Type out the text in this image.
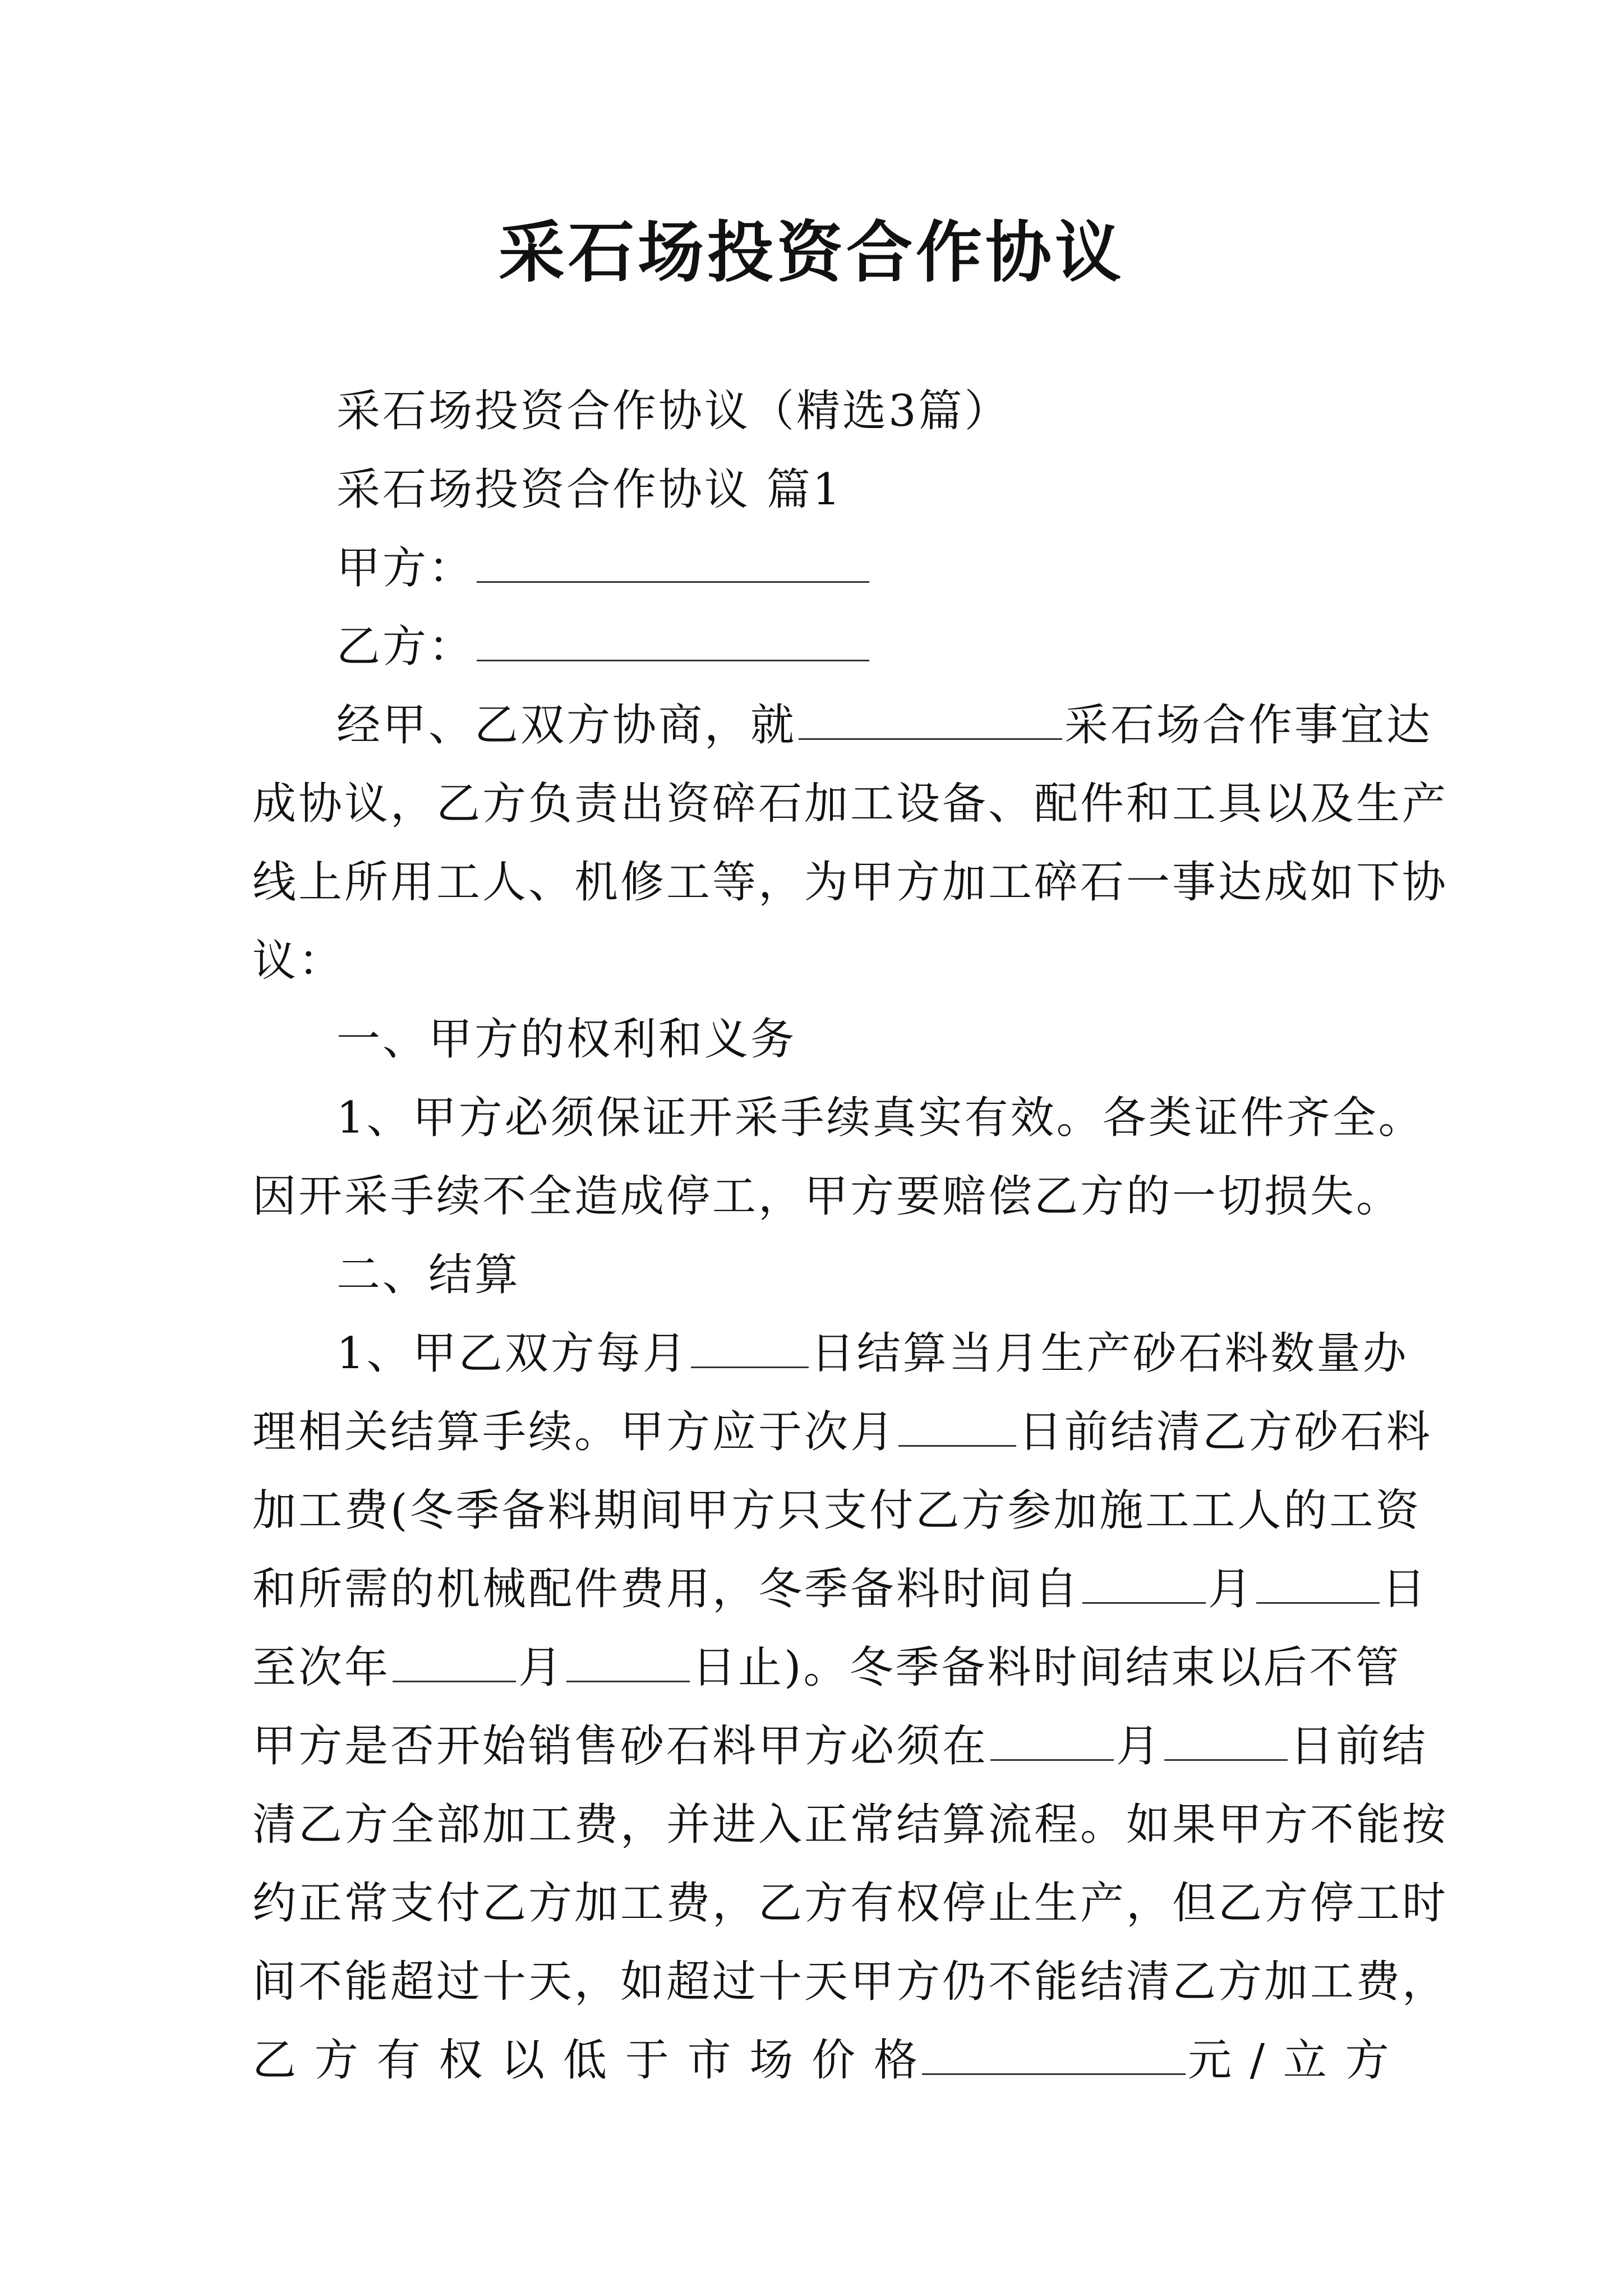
采石场投资合作协议
采石场投资合作协议（精选3篇）
采石场投资合作协议 篇1
甲方：
乙方：
经甲、乙双方协商，就	采石场合作事宜达
成协议，乙方负责出资碎石加工设备、配件和工具以及生产
线上所用工人、机修工等，为甲方加工碎石一事达成如下协
议：
一、甲方的权利和义务
1、甲方必须保证开采手续真实有效。各类证件齐全。
因开采手续不全造成停工，甲方要赔偿乙方的一切损失。
二、结算
1、甲乙双方每月	日结算当月生产砂石料数量办
理相关结算手续。甲方应于次月	日前结清乙方砂石料
加工费(冬季备料期间甲方只支付乙方参加施工工人的工资
和所需的机械配件费用，冬季备料时间自	月	日
至次年	月	日止)。冬季备料时间结束以后不管
甲方是否开始销售砂石料甲方必须在	月	日前结
清乙方全部加工费，并进入正常结算流程。如果甲方不能按
约正常支付乙方加工费，乙方有权停止生产，但乙方停工时
间不能超过十天，如超过十天甲方仍不能结清乙方加工费，
乙 方 有 权 以 低 于 市 场 价 格	元 / 立 方
